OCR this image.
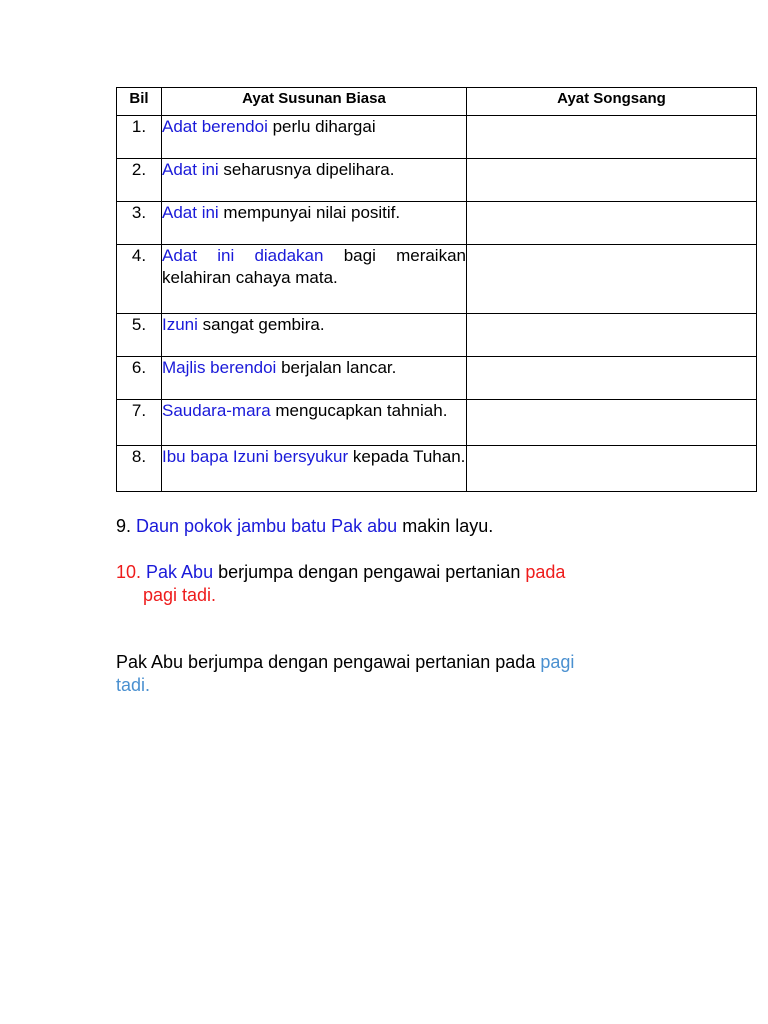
Bil	Ayat Susunan Biasa	Ayat Songsang
1.	Adat berendoi perlu dihargai	
2.	Adat ini seharusnya dipelihara.	
3.	Adat ini mempunyai nilai positif.	
4.	Adat ini diadakan bagi meraikan kelahiran cahaya mata.	
5.	Izuni sangat gembira.	
6.	Majlis berendoi berjalan lancar.	
7.	Saudara-mara mengucapkan tahniah.	
8.	Ibu bapa Izuni bersyukur kepada Tuhan.	

9. Daun pokok jambu batu Pak abu makin layu.

10. Pak Abu berjumpa dengan pengawai pertanian pada
pagi tadi.

Pak Abu berjumpa dengan pengawai pertanian pada pagi
tadi.
